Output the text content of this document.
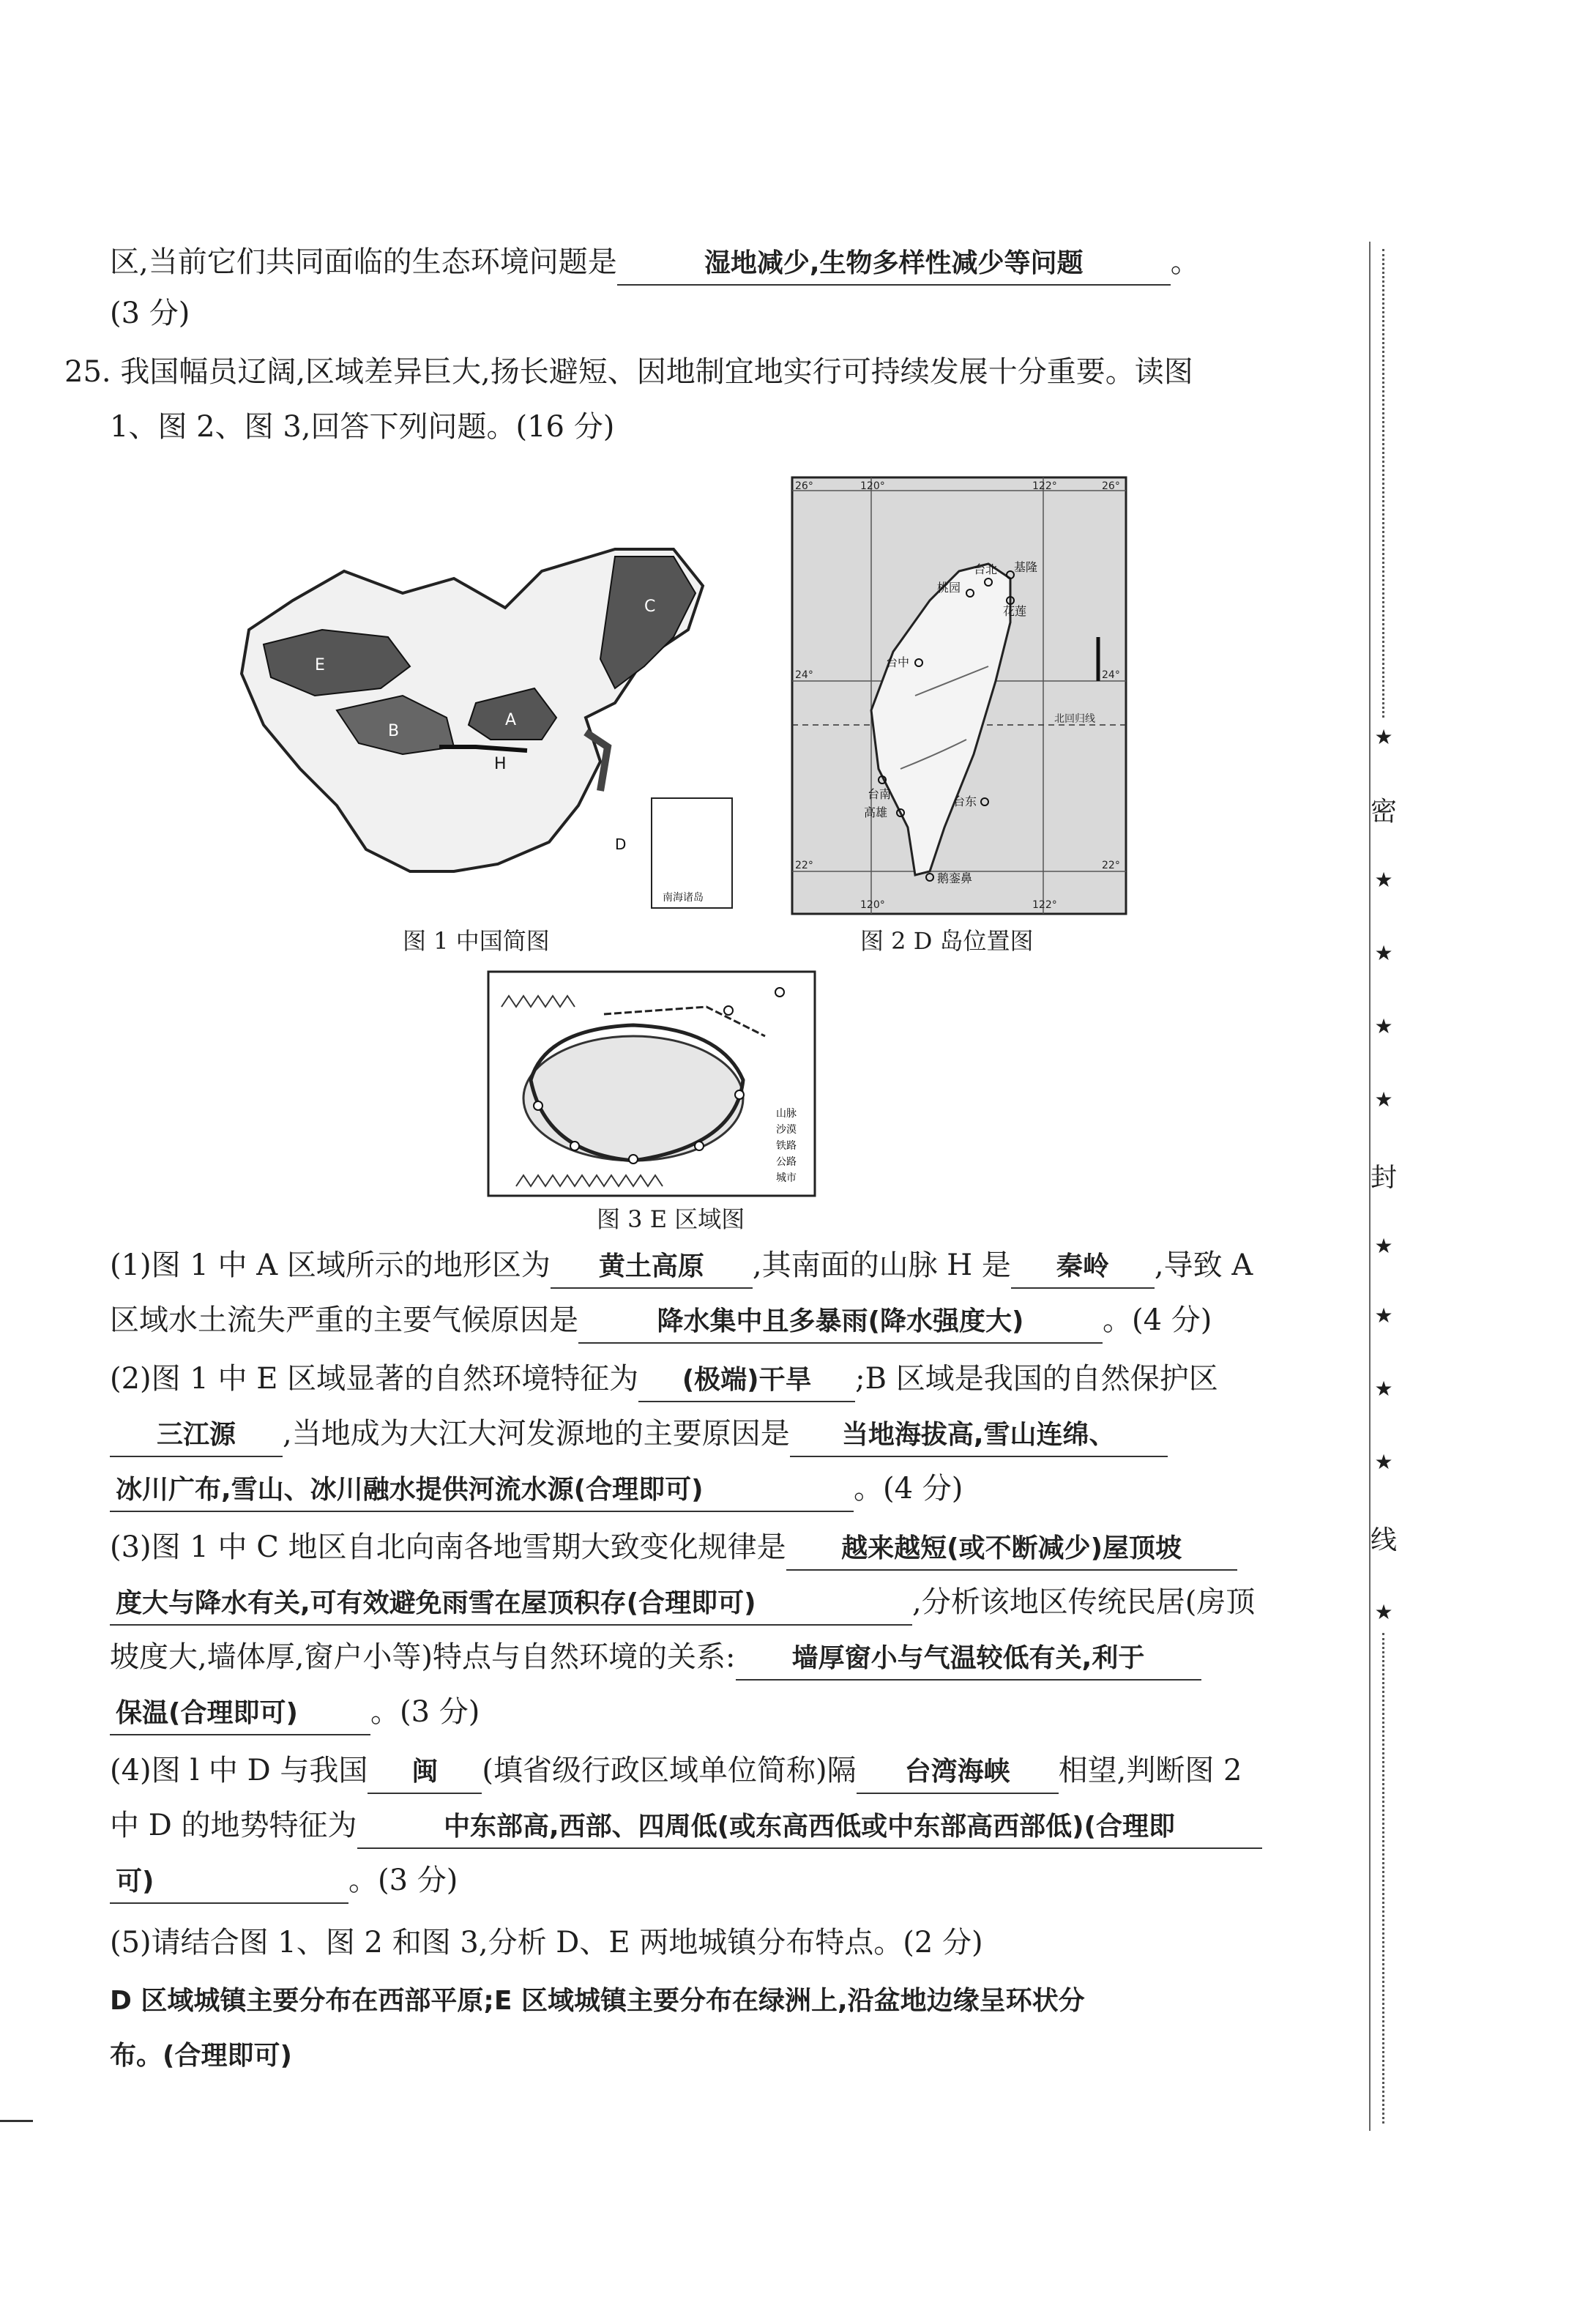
区,当前它们共同面临的生态环境问题是	湿地减少,生物多样性减少等问题	。
(3 分)
25. 我国幅员辽阔,区域差异巨大,扬长避短、因地制宜地实行可持续发展十分重要。读图
1、图 2、图 3,回答下列问题。(16 分)
E
B
A
C
H
D
南海诸岛
图 1 中国简图
26°	120°	122°	26°
24°	24°
北回归线
22°	22°
120°	122°
台北 基隆
桃园
花莲
台中
台南
高雄
台东
鹅銮鼻
图 2 D 岛位置图
山脉
沙漠
铁路
公路
城市
图 3 E 区域图
(1)图 1 中 A 区域所示的地形区为 黄土高原 ,其南面的山脉 H 是 秦岭 ,导致 A
区域水土流失严重的主要气候原因是	降水集中且多暴雨(降水强度大)	。(4 分)
(2)图 1 中 E 区域显著的自然环境特征为 (极端)干旱 ;B 区域是我国的自然保护区
三江源 ,当地成为大江大河发源地的主要原因是 当地海拔高,雪山连绵、
冰川广布,雪山、冰川融水提供河流水源(合理即可)	。(4 分)
(3)图 1 中 C 地区自北向南各地雪期大致变化规律是 越来越短(或不断减少)屋顶坡
度大与降水有关,可有效避免雨雪在屋顶积存(合理即可)	,分析该地区传统民居(房顶
坡度大,墙体厚,窗户小等)特点与自然环境的关系: 墙厚窗小与气温较低有关,利于
保温(合理即可) 。(3 分)
(4)图 l 中 D 与我国 闽 (填省级行政区域单位简称)隔 台湾海峡 相望,判断图 2
中 D 的地势特征为	中东部高,西部、四周低(或东高西低或中东部高西部低)(合理即
可)	。(3 分)
(5)请结合图 1、图 2 和图 3,分析 D、E 两地城镇分布特点。(2 分)
D 区域城镇主要分布在西部平原;E 区域城镇主要分布在绿洲上,沿盆地边缘呈环状分
布。(合理即可)
★
密
★
★
★
★
封
★
★
★
★
线
★
